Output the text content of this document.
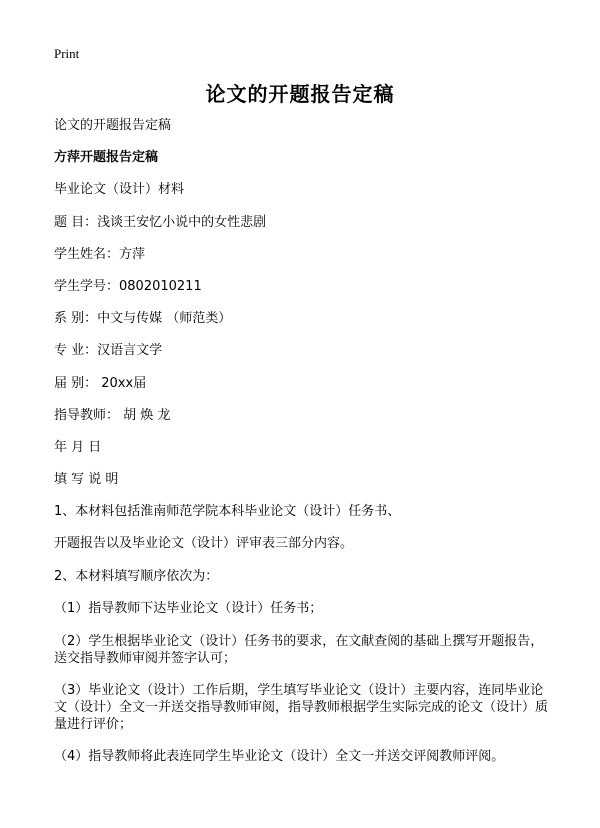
Print
论文的开题报告定稿
论文的开题报告定稿
方萍开题报告定稿
毕业论文（设计）材料
题 目：浅谈王安忆小说中的女性悲剧
学生姓名：方萍
学生学号：0802010211
系 别：中文与传媒 （师范类）
专 业：汉语言文学
届 别： 20xx届
指导教师： 胡 焕 龙
年 月 日
填 写 说 明
1、本材料包括淮南师范学院本科毕业论文（设计）任务书、
开题报告以及毕业论文（设计）评审表三部分内容。
2、本材料填写顺序依次为：
（1）指导教师下达毕业论文（设计）任务书；
（2）学生根据毕业论文（设计）任务书的要求，在文献查阅的基础上撰写开题报告，送交指导教师审阅并签字认可；
（3）毕业论文（设计）工作后期，学生填写毕业论文（设计）主要内容，连同毕业论文（设计）全文一并送交指导教师审阅，指导教师根据学生实际完成的论文（设计）质量进行评价；
（4）指导教师将此表连同学生毕业论文（设计）全文一并送交评阅教师评阅。
